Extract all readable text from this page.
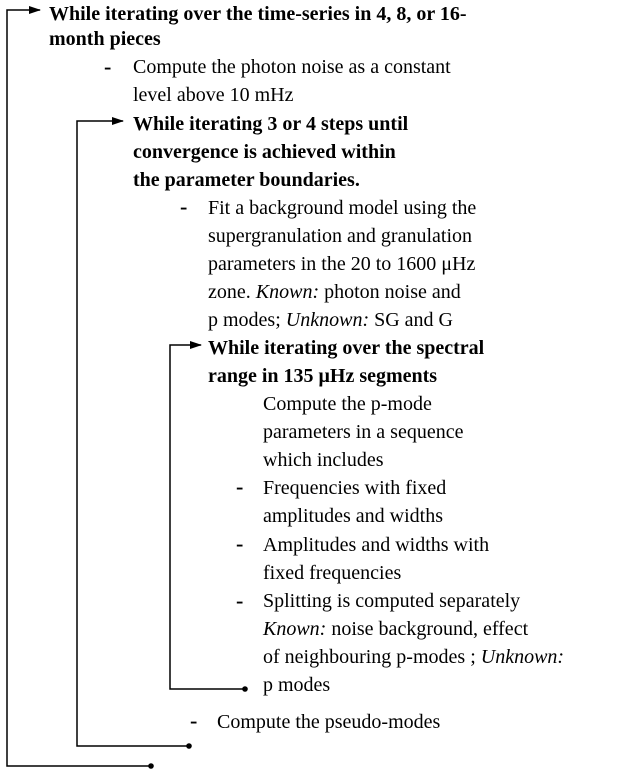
While iterating over the time-series in 4, 8, or 16-
month pieces
- Compute the photon noise as a constant
level above 10 mHz
While iterating 3 or 4 steps until
convergence is achieved within
the parameter boundaries.
- Fit a background model using the
supergranulation and granulation
parameters in the 20 to 1600 μHz
zone. Known: photon noise and
p modes; Unknown: SG and G
While iterating over the spectral
range in 135 μHz segments
Compute the p-mode
parameters in a sequence
which includes
- Frequencies with fixed
amplitudes and widths
- Amplitudes and widths with
fixed frequencies
- Splitting is computed separately
Known: noise background, effect
of neighbouring p-modes ; Unknown:
p modes
- Compute the pseudo-modes
